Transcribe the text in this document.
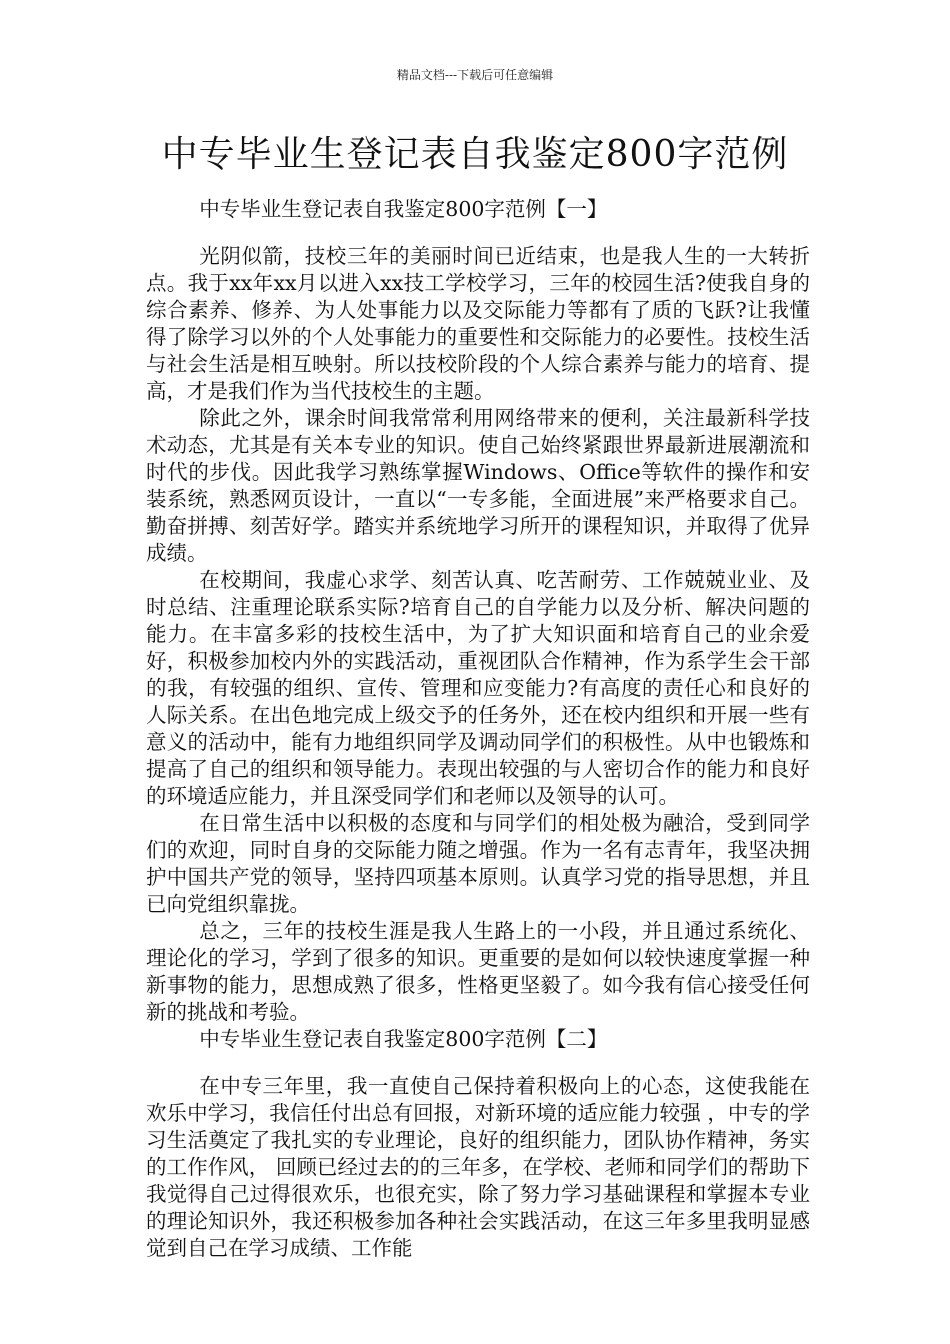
精品文档---下载后可任意编辑
中专毕业生登记表自我鉴定800字范例

中专毕业生登记表自我鉴定800字范例【一】

光阴似箭，技校三年的美丽时间已近结束，也是我人生的一大转折点。我于xx年xx月以进入xx技工学校学习，三年的校园生活?使我自身的综合素养、修养、为人处事能力以及交际能力等都有了质的飞跃?让我懂得了除学习以外的个人处事能力的重要性和交际能力的必要性。技校生活与社会生活是相互映射。所以技校阶段的个人综合素养与能力的培育、提高，才是我们作为当代技校生的主题。

除此之外，课余时间我常常利用网络带来的便利，关注最新科学技术动态，尤其是有关本专业的知识。使自己始终紧跟世界最新进展潮流和时代的步伐。因此我学习熟练掌握Windows、Office等软件的操作和安装系统，熟悉网页设计，一直以“一专多能，全面进展”来严格要求自己。勤奋拼搏、刻苦好学。踏实并系统地学习所开的课程知识，并取得了优异成绩。

在校期间，我虚心求学、刻苦认真、吃苦耐劳、工作兢兢业业、及时总结、注重理论联系实际?培育自己的自学能力以及分析、解决问题的能力。在丰富多彩的技校生活中，为了扩大知识面和培育自己的业余爱好，积极参加校内外的实践活动，重视团队合作精神，作为系学生会干部的我，有较强的组织、宣传、管理和应变能力?有高度的责任心和良好的人际关系。在出色地完成上级交予的任务外，还在校内组织和开展一些有意义的活动中，能有力地组织同学及调动同学们的积极性。从中也锻炼和提高了自己的组织和领导能力。表现出较强的与人密切合作的能力和良好的环境适应能力，并且深受同学们和老师以及领导的认可。

在日常生活中以积极的态度和与同学们的相处极为融洽，受到同学们的欢迎，同时自身的交际能力随之增强。作为一名有志青年，我坚决拥护中国共产党的领导，坚持四项基本原则。认真学习党的指导思想，并且已向党组织靠拢。

总之，三年的技校生涯是我人生路上的一小段，并且通过系统化、理论化的学习，学到了很多的知识。更重要的是如何以较快速度掌握一种新事物的能力，思想成熟了很多，性格更坚毅了。如今我有信心接受任何新的挑战和考验。

中专毕业生登记表自我鉴定800字范例【二】

在中专三年里，我一直使自己保持着积极向上的心态，这使我能在欢乐中学习，我信任付出总有回报，对新环境的适应能力较强 ，中专的学习生活奠定了我扎实的专业理论，良好的组织能力，团队协作精神，务实的工作作风， 回顾已经过去的的三年多，在学校、老师和同学们的帮助下我觉得自己过得很欢乐，也很充实，除了努力学习基础课程和掌握本专业的理论知识外，我还积极参加各种社会实践活动，在这三年多里我明显感觉到自己在学习成绩、工作能
